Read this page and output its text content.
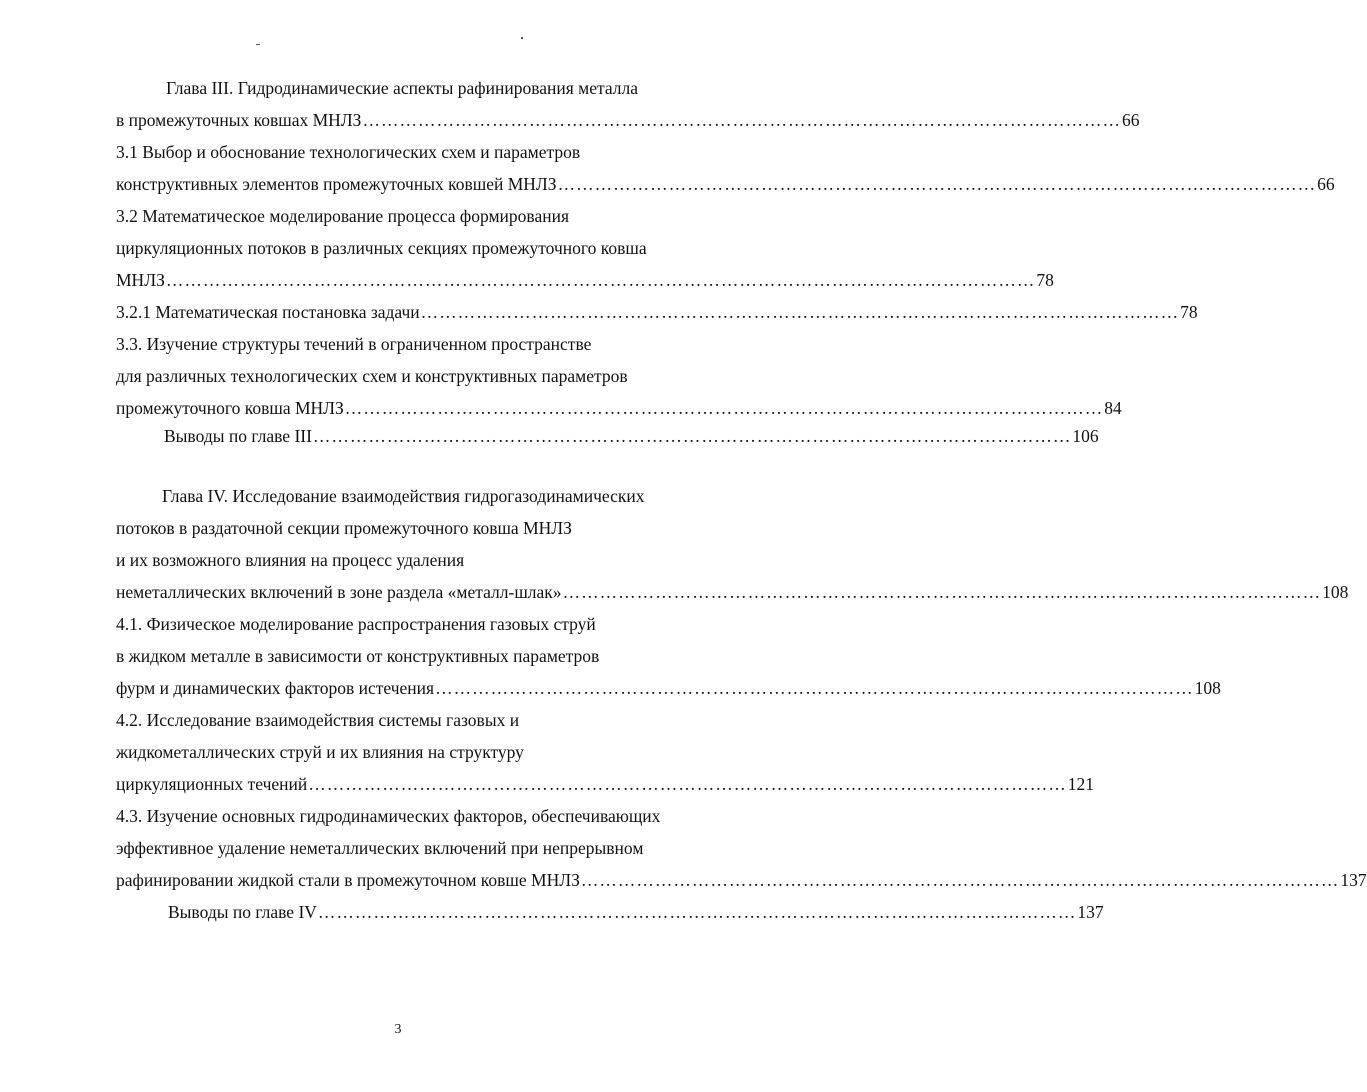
Глава III. Гидродинамические аспекты рафинирования металла
в промежуточных ковшах МНЛЗ …………………………………………………………………………………………………………… 66
3.1 Выбор и обоснование технологических схем и параметров
конструктивных элементов промежуточных ковшей МНЛЗ …………………………………………………………………………………………………………… 66
3.2 Математическое моделирование процесса формирования
циркуляционных потоков в различных секциях промежуточного ковша
МНЛЗ …………………………………………………………………………………………………………………………… 78
3.2.1 Математическая постановка задачи …………………………………………………………………………………………………………… 78
3.3. Изучение структуры течений в ограниченном пространстве
для различных технологических схем и конструктивных параметров
промежуточного ковша МНЛЗ …………………………………………………………………………………………………………… 84
Выводы по главе III …………………………………………………………………………………………………………… 106
Глава IV. Исследование взаимодействия гидрогазодинамических
потоков в раздаточной секции промежуточного ковша МНЛЗ
и их возможного влияния на процесс удаления
неметаллических включений в зоне раздела «металл-шлак» …………………………………………………………………………………………………………… 108
4.1. Физическое моделирование распространения газовых струй
в жидком металле в зависимости от конструктивных параметров
фурм и динамических факторов истечения …………………………………………………………………………………………………………… 108
4.2. Исследование взаимодействия системы газовых и
жидкометаллических струй и их влияния на структуру
циркуляционных течений …………………………………………………………………………………………………………… 121
4.3. Изучение основных гидродинамических факторов, обеспечивающих
эффективное удаление неметаллических включений при непрерывном
рафинировании жидкой стали в промежуточном ковше МНЛЗ …………………………………………………………………………………………………………… 137
Выводы по главе IV …………………………………………………………………………………………………………… 137
3
